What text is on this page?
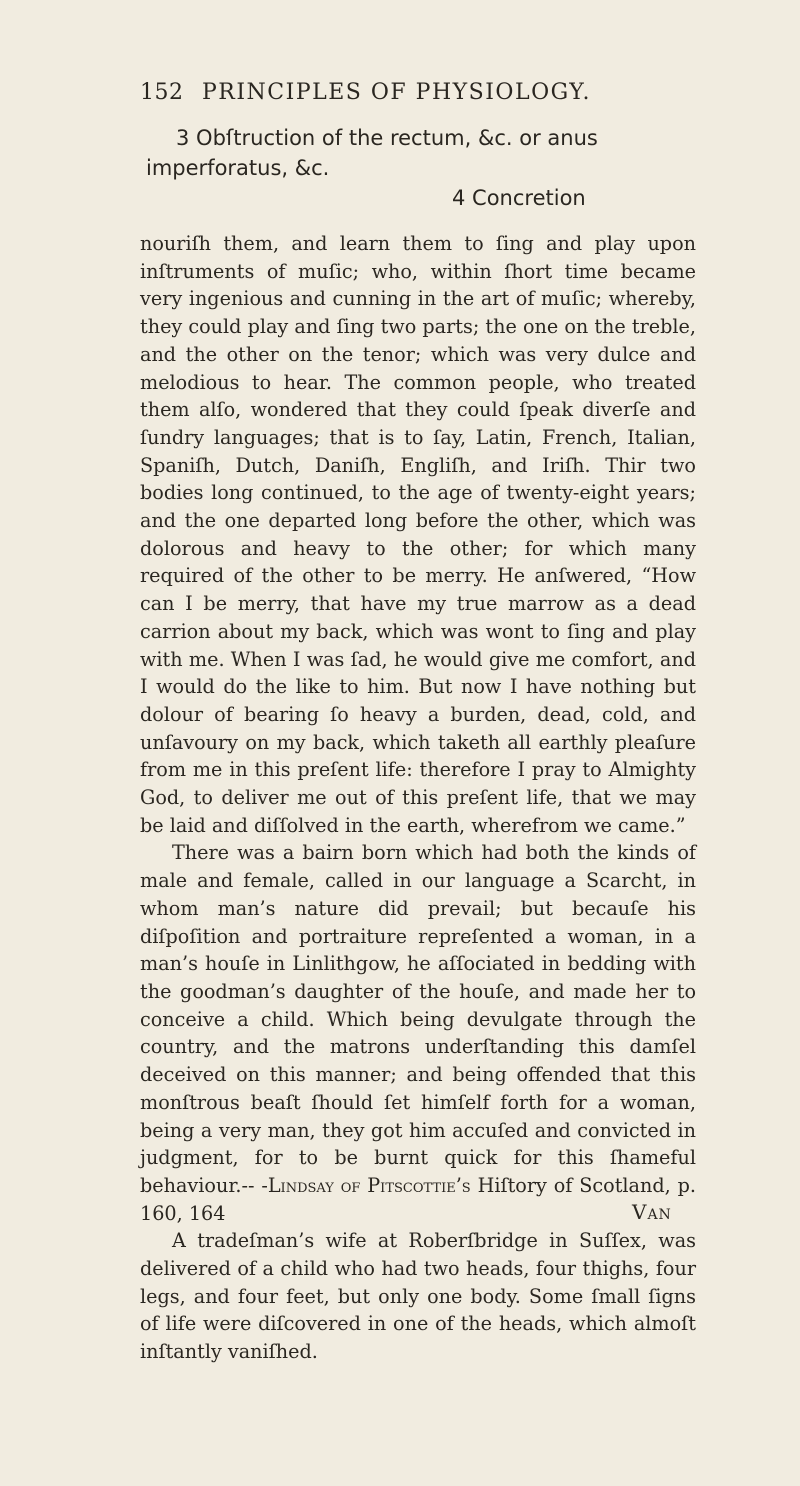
152 PRINCIPLES OF PHYSIOLOGY.
3 Obſtruction of the rectum, &c. or anus
imperforatus, &c.
4 Concretion

nouriſh them, and learn them to ſing and play upon inſtruments of muſic; who, within ſhort time became very ingenious and cunning in the art of muſic; whereby, they could play and ſing two parts; the one on the treble, and the other on the tenor; which was very dulce and melodious to hear. The common people, who treated them alſo, wondered that they could ſpeak diverſe and ſundry languages; that is to ſay, Latin, French, Italian, Spaniſh, Dutch, Daniſh, Engliſh, and Iriſh. Thir two bodies long continued, to the age of twenty-eight years; and the one departed long before the other, which was dolorous and heavy to the other; for which many required of the other to be merry. He anſwered, “How can I be merry, that have my true marrow as a dead carrion about my back, which was wont to ſing and play with me. When I was ſad, he would give me comfort, and I would do the like to him. But now I have nothing but dolour of bearing ſo heavy a burden, dead, cold, and unſavoury on my back, which taketh all earthly pleaſure from me in this preſent life: therefore I pray to Almighty God, to deliver me out of this preſent life, that we may be laid and diſſolved in the earth, wherefrom we came.”

There was a bairn born which had both the kinds of male and female, called in our language a Scarcht, in whom man’s nature did prevail; but becauſe his diſpoſition and portraiture repreſented a woman, in a man’s houſe in Linlithgow, he aſſociated in bedding with the goodman’s daughter of the houſe, and made her to conceive a child. Which being devulgate through the country, and the matrons underſtanding this damſel deceived on this manner; and being offended that this monſtrous beaſt ſhould ſet himſelf forth for a woman, being a very man, they got him accuſed and convicted in judgment, for to be burnt quick for this ſhameful behaviour.-- -Lindsay of Pitscottie’s Hiſtory of Scotland, p. 160, 164

A tradeſman’s wife at Roberſbridge in Suſſex, was delivered of a child who had two heads, four thighs, four legs, and four feet, but only one body. Some ſmall ſigns of life were diſcovered in one of the heads, which almoſt inſtantly vaniſhed.

Van
